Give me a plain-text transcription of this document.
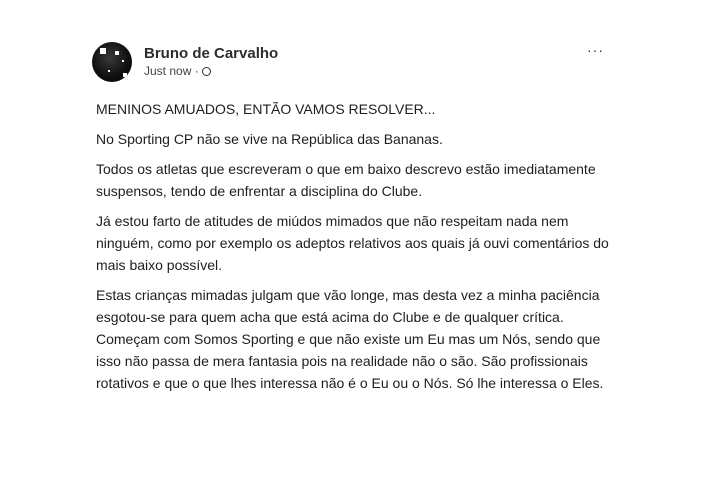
Bruno de Carvalho
Just now ·
···

MENINOS AMUADOS, ENTÃO VAMOS RESOLVER...

No Sporting CP não se vive na República das Bananas.

Todos os atletas que escreveram o que em baixo descrevo estão imediatamente suspensos, tendo de enfrentar a disciplina do Clube.

Já estou farto de atitudes de miúdos mimados que não respeitam nada nem ninguém, como por exemplo os adeptos relativos aos quais já ouvi comentários do mais baixo possível.

Estas crianças mimadas julgam que vão longe, mas desta vez a minha paciência esgotou-se para quem acha que está acima do Clube e de qualquer crítica. Começam com Somos Sporting e que não existe um Eu mas um Nós, sendo que isso não passa de mera fantasia pois na realidade não o são. São profissionais rotativos e que o que lhes interessa não é o Eu ou o Nós. Só lhe interessa o Eles.
